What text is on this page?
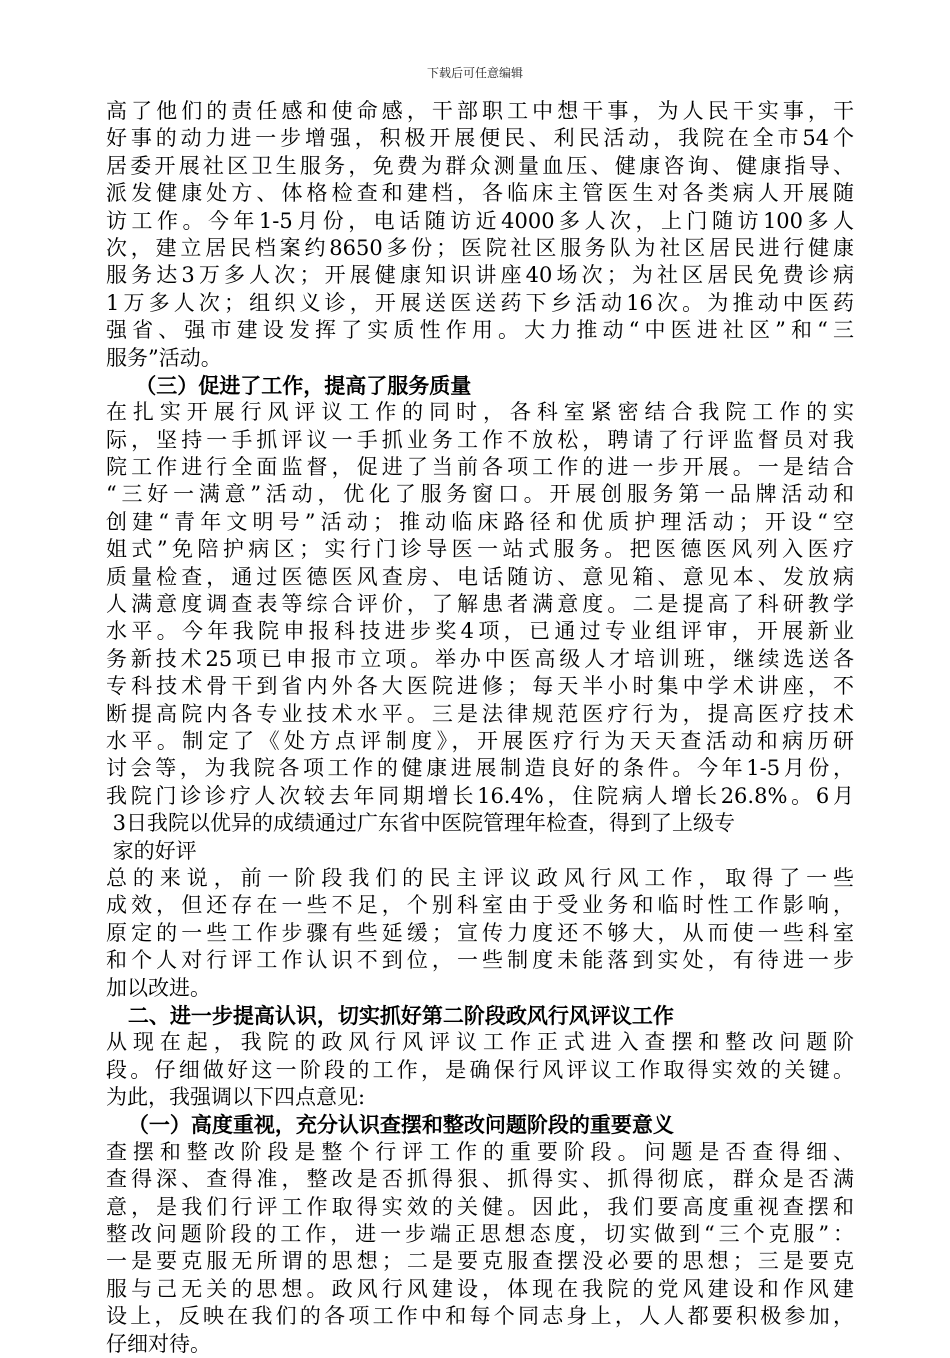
下载后可任意编辑
高了他们的责任感和使命感，干部职工中想干事，为人民干实事，干
好事的动力进一步增强，积极开展便民、利民活动，我院在全市54个
居委开展社区卫生服务，免费为群众测量血压、健康咨询、健康指导、
派发健康处方、体格检查和建档，各临床主管医生对各类病人开展随
访工作。今年1-5月份，电话随访近4000多人次，上门随访100多人
次，建立居民档案约8650多份；医院社区服务队为社区居民进行健康
服务达3万多人次；开展健康知识讲座40场次；为社区居民免费诊病
1万多人次；组织义诊，开展送医送药下乡活动16次。为推动中医药
强省、强市建设发挥了实质性作用。大力推动“中医进社区”和“三
服务”活动。
（三）促进了工作，提高了服务质量
在扎实开展行风评议工作的同时，各科室紧密结合我院工作的实
际，坚持一手抓评议一手抓业务工作不放松，聘请了行评监督员对我
院工作进行全面监督，促进了当前各项工作的进一步开展。一是结合
“三好一满意”活动，优化了服务窗口。开展创服务第一品牌活动和
创建“青年文明号”活动；推动临床路径和优质护理活动；开设“空
姐式”免陪护病区；实行门诊导医一站式服务。把医德医风列入医疗
质量检查，通过医德医风查房、电话随访、意见箱、意见本、发放病
人满意度调查表等综合评价，了解患者满意度。二是提高了科研教学
水平。今年我院申报科技进步奖4项，已通过专业组评审，开展新业
务新技术25项已申报市立项。举办中医高级人才培训班，继续选送各
专科技术骨干到省内外各大医院进修；每天半小时集中学术讲座，不
断提高院内各专业技术水平。三是法律规范医疗行为，提高医疗技术
水平。制定了《处方点评制度》，开展医疗行为天天查活动和病历研
讨会等，为我院各项工作的健康进展制造良好的条件。今年1-5月份，
我院门诊诊疗人次较去年同期增长16.4%，住院病人增长26.8%。6月
3日我院以优异的成绩通过广东省中医院管理年检查，得到了上级专
家的好评
总的来说，前一阶段我们的民主评议政风行风工作，取得了一些
成效，但还存在一些不足，个别科室由于受业务和临时性工作影响，
原定的一些工作步骤有些延缓；宣传力度还不够大，从而使一些科室
和个人对行评工作认识不到位，一些制度未能落到实处，有待进一步
加以改进。
二、进一步提高认识，切实抓好第二阶段政风行风评议工作
从现在起，我院的政风行风评议工作正式进入查摆和整改问题阶
段。仔细做好这一阶段的工作，是确保行风评议工作取得实效的关键。
为此，我强调以下四点意见:
（一）高度重视，充分认识查摆和整改问题阶段的重要意义
查摆和整改阶段是整个行评工作的重要阶段。问题是否查得细、
查得深、查得准，整改是否抓得狠、抓得实、抓得彻底，群众是否满
意，是我们行评工作取得实效的关健。因此，我们要高度重视查摆和
整改问题阶段的工作，进一步端正思想态度，切实做到“三个克服”：
一是要克服无所谓的思想；二是要克服查摆没必要的思想；三是要克
服与己无关的思想。政风行风建设，体现在我院的党风建设和作风建
设上，反映在我们的各项工作中和每个同志身上，人人都要积极参加，
仔细对待。
